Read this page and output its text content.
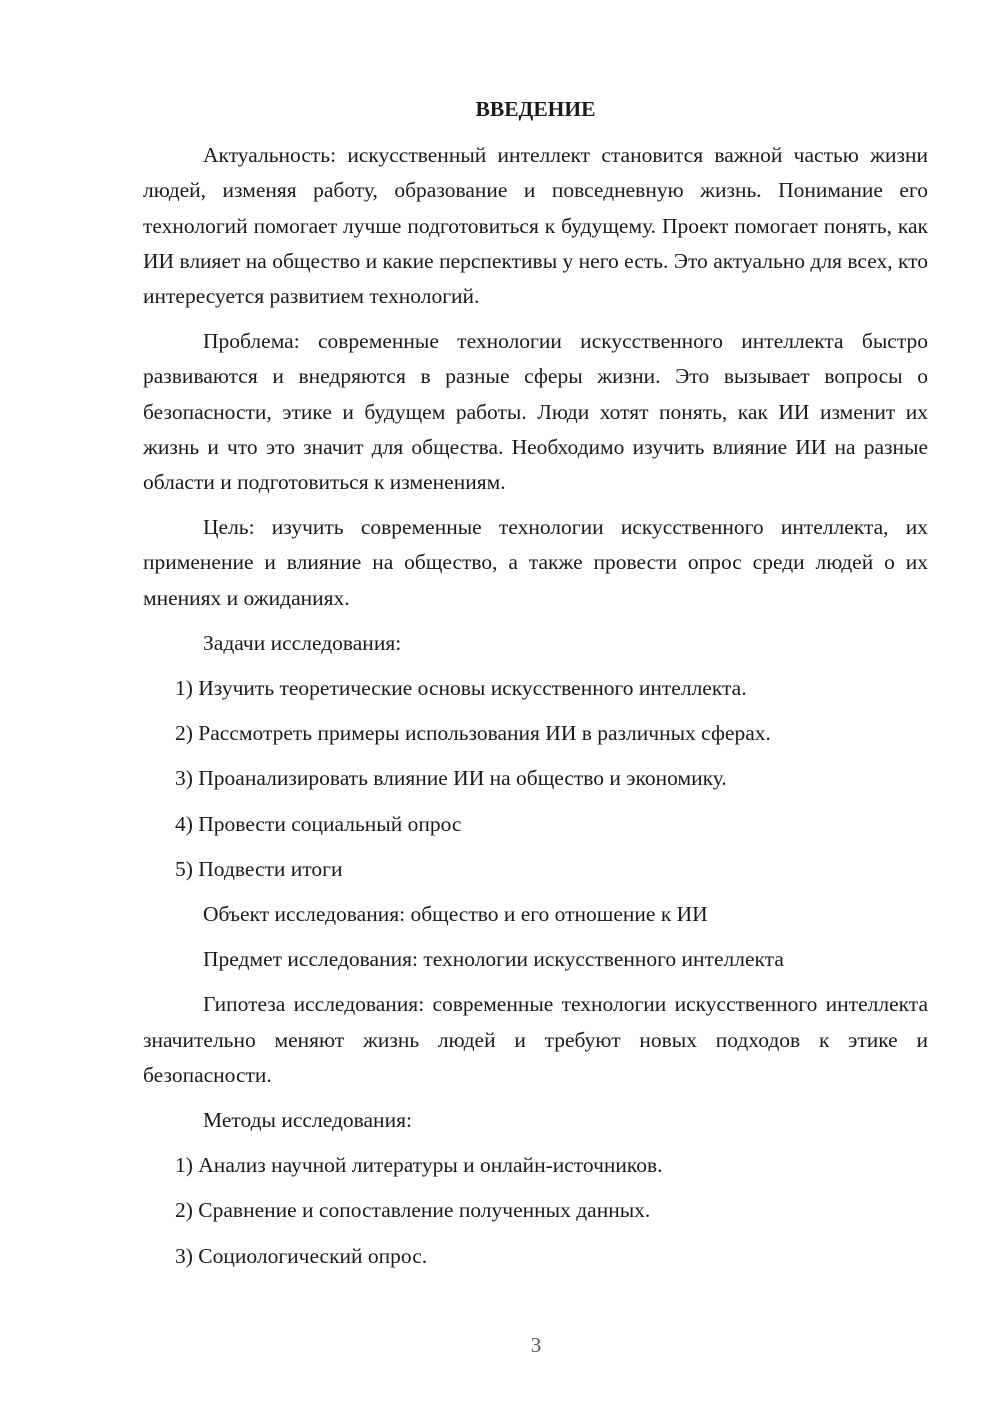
ВВЕДЕНИЕ

Актуальность: искусственный интеллект становится важной частью жизни людей, изменяя работу, образование и повседневную жизнь. Понимание его технологий помогает лучше подготовиться к будущему. Проект помогает понять, как ИИ влияет на общество и какие перспективы у него есть. Это актуально для всех, кто интересуется развитием технологий.

Проблема: современные технологии искусственного интеллекта быстро развиваются и внедряются в разные сферы жизни. Это вызывает вопросы о безопасности, этике и будущем работы. Люди хотят понять, как ИИ изменит их жизнь и что это значит для общества. Необходимо изучить влияние ИИ на разные области и подготовиться к изменениям.

Цель: изучить современные технологии искусственного интеллекта, их применение и влияние на общество, а также провести опрос среди людей о их мнениях и ожиданиях.

Задачи исследования:

1) Изучить теоретические основы искусственного интеллекта.

2) Рассмотреть примеры использования ИИ в различных сферах.

3) Проанализировать влияние ИИ на общество и экономику.

4) Провести социальный опрос

5) Подвести итоги

Объект исследования: общество и его отношение к ИИ

Предмет исследования: технологии искусственного интеллекта

Гипотеза исследования: современные технологии искусственного интеллекта значительно меняют жизнь людей и требуют новых подходов к этике и безопасности.

Методы исследования:

1) Анализ научной литературы и онлайн-источников.

2) Сравнение и сопоставление полученных данных.

3) Социологический опрос.

3
